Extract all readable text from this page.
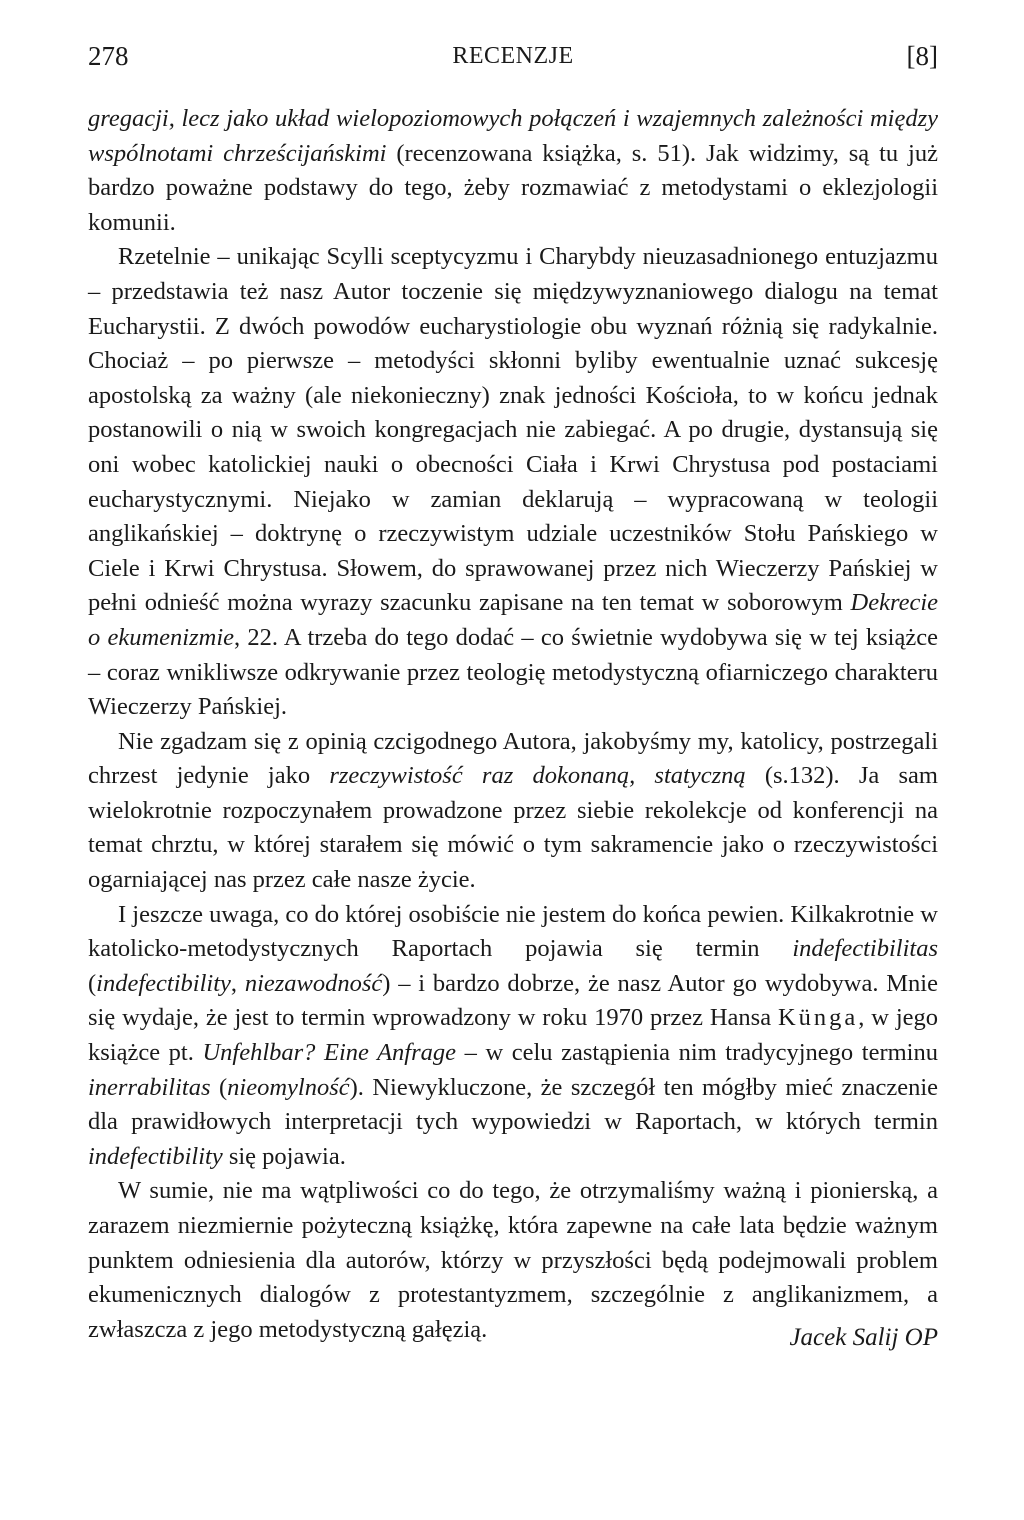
278	RECENZJE	[8]

gregacji, lecz jako układ wielopoziomowych połączeń i wzajemnych zależności między wspólnotami chrześcijańskimi (recenzowana książka, s. 51). Jak widzimy, są tu już bardzo poważne podstawy do tego, żeby rozmawiać z metodystami o eklezjologii komunii.

Rzetelnie – unikając Scylli sceptycyzmu i Charybdy nieuzasadnionego entuzjazmu – przedstawia też nasz Autor toczenie się międzywyznaniowego dialogu na temat Eucharystii. Z dwóch powodów eucharystiologie obu wyznań różnią się radykalnie. Chociaż – po pierwsze – metodyści skłonni byliby ewentualnie uznać sukcesję apostolską za ważny (ale niekonieczny) znak jedności Kościoła, to w końcu jednak postanowili o nią w swoich kongregacjach nie zabiegać. A po drugie, dystansują się oni wobec katolickiej nauki o obecności Ciała i Krwi Chrystusa pod postaciami eucharystycznymi. Niejako w zamian deklarują – wypracowaną w teologii anglikańskiej – doktrynę o rzeczywistym udziale uczestników Stołu Pańskiego w Ciele i Krwi Chrystusa. Słowem, do sprawowanej przez nich Wieczerzy Pańskiej w pełni odnieść można wyrazy szacunku zapisane na ten temat w soborowym Dekrecie o ekumenizmie, 22. A trzeba do tego dodać – co świetnie wydobywa się w tej książce – coraz wnikliwsze odkrywanie przez teologię metodystyczną ofiarniczego charakteru Wieczerzy Pańskiej.

Nie zgadzam się z opinią czcigodnego Autora, jakobyśmy my, katolicy, postrzegali chrzest jedynie jako rzeczywistość raz dokonaną, statyczną (s.132). Ja sam wielokrotnie rozpoczynałem prowadzone przez siebie rekolekcje od konferencji na temat chrztu, w której starałem się mówić o tym sakramencie jako o rzeczywistości ogarniającej nas przez całe nasze życie.

I jeszcze uwaga, co do której osobiście nie jestem do końca pewien. Kilkakrotnie w katolicko-metodystycznych Raportach pojawia się termin indefectibilitas (indefectibility, niezawodność) – i bardzo dobrze, że nasz Autor go wydobywa. Mnie się wydaje, że jest to termin wprowadzony w roku 1970 przez Hansa Künga, w jego książce pt. Unfehlbar? Eine Anfrage – w celu zastąpienia nim tradycyjnego terminu inerrabilitas (nieomylność). Niewykluczone, że szczegół ten mógłby mieć znaczenie dla prawidłowych interpretacji tych wypowiedzi w Raportach, w których termin indefectibility się pojawia.

W sumie, nie ma wątpliwości co do tego, że otrzymaliśmy ważną i pionierską, a zarazem niezmiernie pożyteczną książkę, która zapewne na całe lata będzie ważnym punktem odniesienia dla autorów, którzy w przyszłości będą podejmowali problem ekumenicznych dialogów z protestantyzmem, szczególnie z anglikanizmem, a zwłaszcza z jego metodystyczną gałęzią.	Jacek Salij OP
